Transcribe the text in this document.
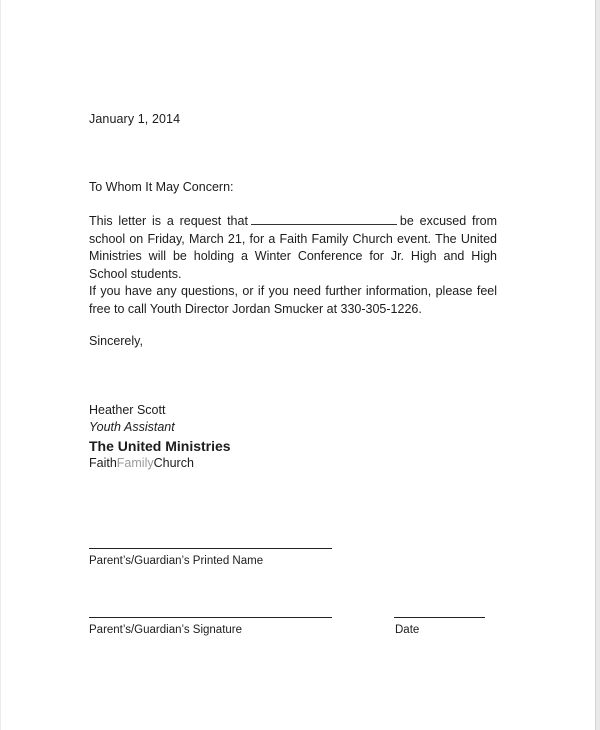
January 1, 2014
To Whom It May Concern:
This letter is a request that	be excused from school on Friday, March 21, for a Faith Family Church event. The United Ministries will be holding a Winter Conference for Jr. High and High School students.
If you have any questions, or if you need further information, please feel free to call Youth Director Jordan Smucker at 330-305-1226.
Sincerely,
Heather Scott
Youth Assistant
The United Ministries
FaithFamilyChurch
Parent’s/Guardian’s Printed Name
Parent’s/Guardian’s Signature	Date
